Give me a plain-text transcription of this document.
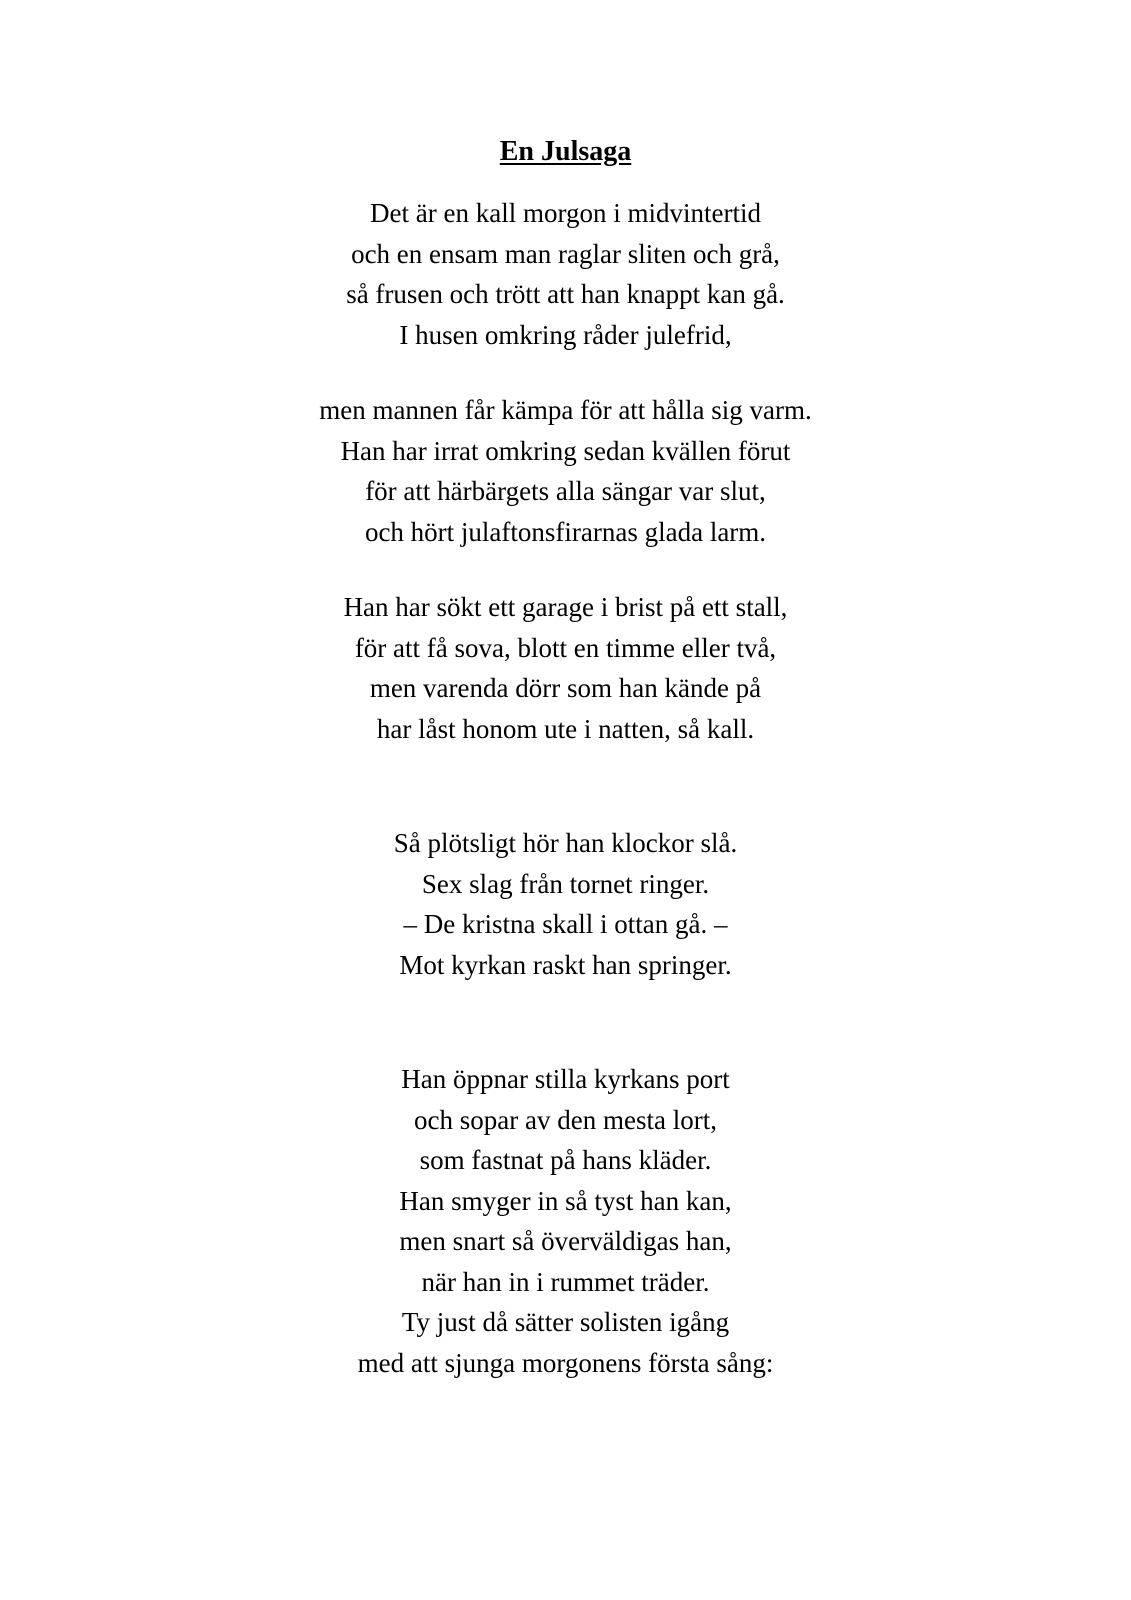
En Julsaga
Det är en kall morgon i midvintertid
och en ensam man raglar sliten och grå,
så frusen och trött att han knappt kan gå.
I husen omkring råder julefrid,
men mannen får kämpa för att hålla sig varm.
Han har irrat omkring sedan kvällen förut
för att härbärgets alla sängar var slut,
och hört julaftonsfirarnas glada larm.
Han har sökt ett garage i brist på ett stall,
för att få sova, blott en timme eller två,
men varenda dörr som han kände på
har låst honom ute i natten, så kall.
Så plötsligt hör han klockor slå.
Sex slag från tornet ringer.
– De kristna skall i ottan gå. –
Mot kyrkan raskt han springer.
Han öppnar stilla kyrkans port
och sopar av den mesta lort,
som fastnat på hans kläder.
Han smyger in så tyst han kan,
men snart så överväldigas han,
när han in i rummet träder.
Ty just då sätter solisten igång
med att sjunga morgonens första sång:
